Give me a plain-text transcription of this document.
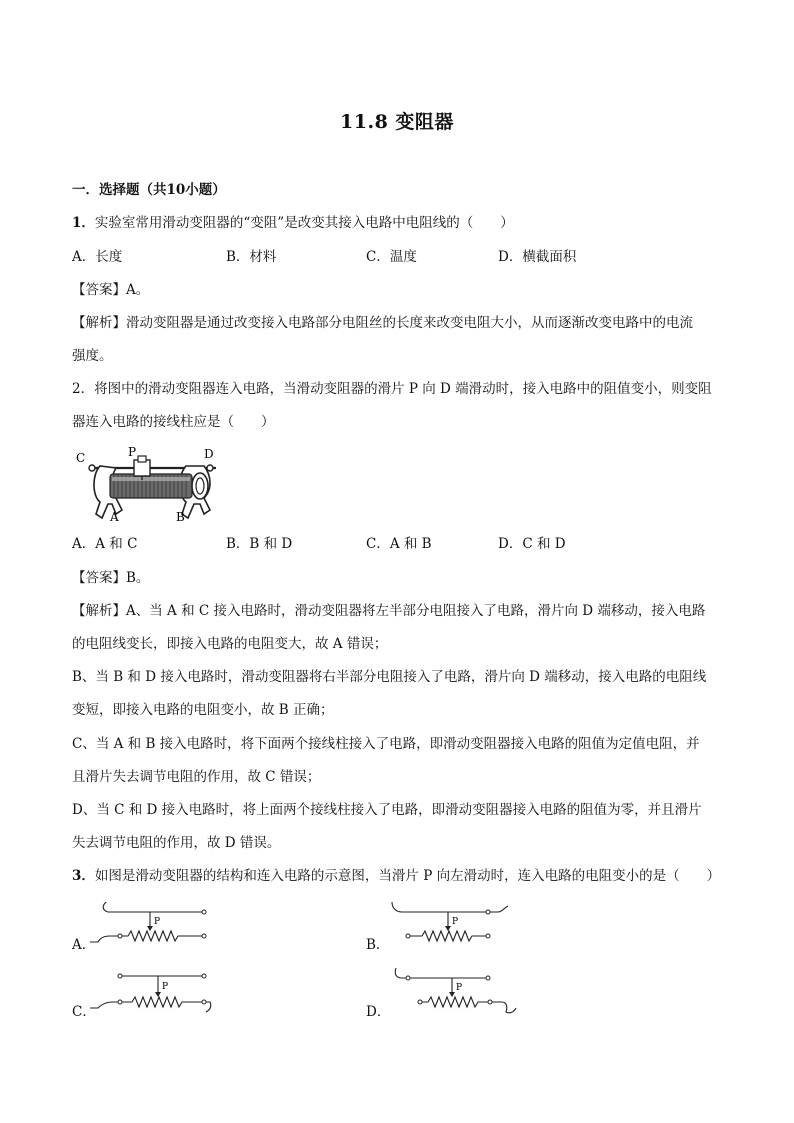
11.8 变阻器
一．选择题（共10小题）
1．实验室常用滑动变阻器的“变阻”是改变其接入电路中电阻线的（　　）
A．长度	B．材料	C．温度	D．横截面积
【答案】A。
【解析】滑动变阻器是通过改变接入电路部分电阻丝的长度来改变电阻大小，从而逐渐改变电路中的电流
强度。
2．将图中的滑动变阻器连入电路，当滑动变阻器的滑片 P 向 D 端滑动时，接入电路中的阻值变小，则变阻
器连入电路的接线柱应是（　　）
C	P	D
A	B
A．A 和 C	B．B 和 D	C．A 和 B	D．C 和 D
【答案】B。
【解析】A、当 A 和 C 接入电路时，滑动变阻器将左半部分电阻接入了电路，滑片向 D 端移动，接入电路
的电阻线变长，即接入电路的电阻变大，故 A 错误；
B、当 B 和 D 接入电路时，滑动变阻器将右半部分电阻接入了电路，滑片向 D 端移动，接入电路的电阻线
变短，即接入电路的电阻变小，故 B 正确；
C、当 A 和 B 接入电路时，将下面两个接线柱接入了电路，即滑动变阻器接入电路的阻值为定值电阻，并
且滑片失去调节电阻的作用，故 C 错误；
D、当 C 和 D 接入电路时，将上面两个接线柱接入了电路，即滑动变阻器接入电路的阻值为零，并且滑片
失去调节电阻的作用，故 D 错误。
3．如图是滑动变阻器的结构和连入电路的示意图，当滑片 P 向左滑动时，连入电路的电阻变小的是（　　）
A．	B．
C．	D．
P	P
P	P
